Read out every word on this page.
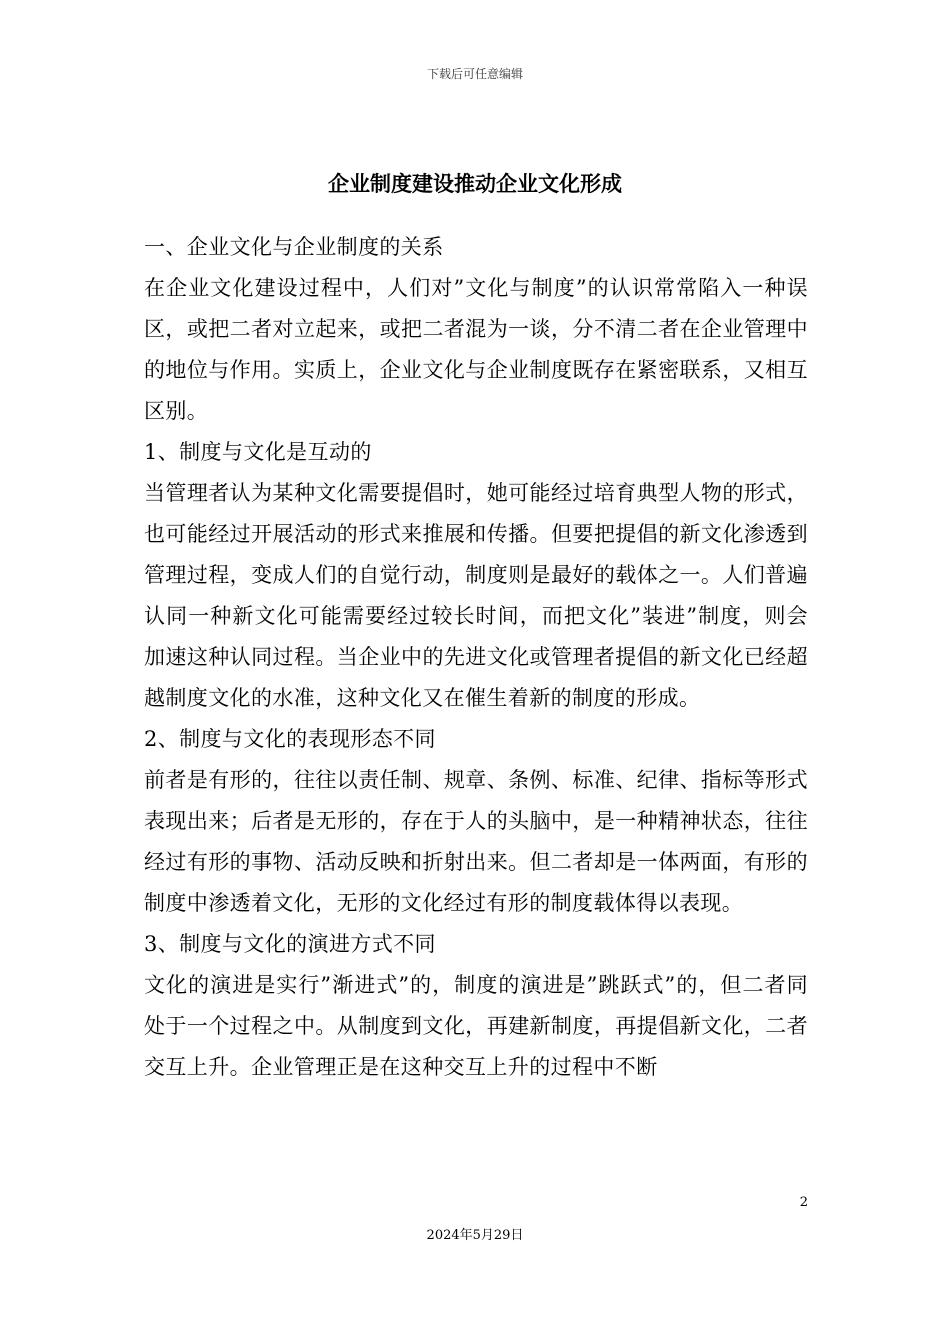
下载后可任意编辑
企业制度建设推动企业文化形成

一、企业文化与企业制度的关系

在企业文化建设过程中，人们对”文化与制度”的认识常常陷入一种误区，或把二者对立起来，或把二者混为一谈，分不清二者在企业管理中的地位与作用。实质上，企业文化与企业制度既存在紧密联系，又相互区别。

1、制度与文化是互动的

当管理者认为某种文化需要提倡时，她可能经过培育典型人物的形式，也可能经过开展活动的形式来推展和传播。但要把提倡的新文化渗透到管理过程，变成人们的自觉行动，制度则是最好的载体之一。人们普遍认同一种新文化可能需要经过较长时间，而把文化”装进”制度，则会加速这种认同过程。当企业中的先进文化或管理者提倡的新文化已经超越制度文化的水准，这种文化又在催生着新的制度的形成。

2、制度与文化的表现形态不同

前者是有形的，往往以责任制、规章、条例、标准、纪律、指标等形式表现出来；后者是无形的，存在于人的头脑中，是一种精神状态，往往经过有形的事物、活动反映和折射出来。但二者却是一体两面，有形的制度中渗透着文化，无形的文化经过有形的制度载体得以表现。

3、制度与文化的演进方式不同

文化的演进是实行”渐进式”的，制度的演进是”跳跃式”的，但二者同处于一个过程之中。从制度到文化，再建新制度，再提倡新文化，二者交互上升。企业管理正是在这种交互上升的过程中不断

2
2024年5月29日
